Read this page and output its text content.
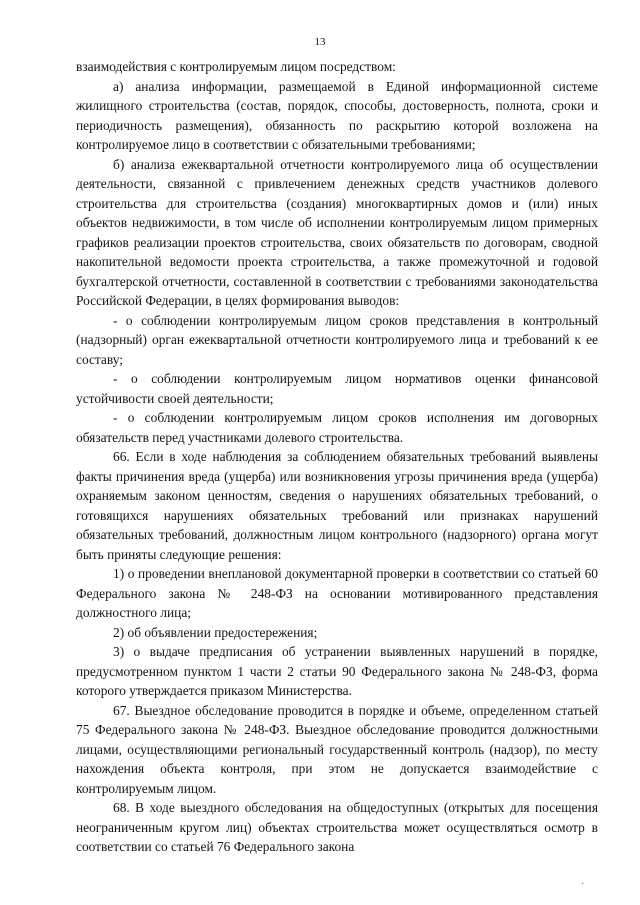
13

взаимодействия с контролируемым лицом посредством:

а) анализа информации, размещаемой в Единой информационной системе жилищного строительства (состав, порядок, способы, достоверность, полнота, сроки и периодичность размещения), обязанность по раскрытию которой возложена на контролируемое лицо в соответствии с обязательными требованиями;

б) анализа ежеквартальной отчетности контролируемого лица об осуществлении деятельности, связанной с привлечением денежных средств участников долевого строительства для строительства (создания) многоквартирных домов и (или) иных объектов недвижимости, в том числе об исполнении контролируемым лицом примерных графиков реализации проектов строительства, своих обязательств по договорам, сводной накопительной ведомости проекта строительства, а также промежуточной и годовой бухгалтерской отчетности, составленной в соответствии с требованиями законодательства Российской Федерации, в целях формирования выводов:

- о соблюдении контролируемым лицом сроков представления в контрольный (надзорный) орган ежеквартальной отчетности контролируемого лица и требований к ее составу;

- о соблюдении контролируемым лицом нормативов оценки финансовой устойчивости своей деятельности;

- о соблюдении контролируемым лицом сроков исполнения им договорных обязательств перед участниками долевого строительства.

66. Если в ходе наблюдения за соблюдением обязательных требований выявлены факты причинения вреда (ущерба) или возникновения угрозы причинения вреда (ущерба) охраняемым законом ценностям, сведения о нарушениях обязательных требований, о готовящихся нарушениях обязательных требований или признаках нарушений обязательных требований, должностным лицом контрольного (надзорного) органа могут быть приняты следующие решения:

1) о проведении внеплановой документарной проверки в соответствии со статьей 60 Федерального закона № 248-ФЗ на основании мотивированного представления должностного лица;

2) об объявлении предостережения;

3) о выдаче предписания об устранении выявленных нарушений в порядке, предусмотренном пунктом 1 части 2 статьи 90 Федерального закона № 248-ФЗ, форма которого утверждается приказом Министерства.

67. Выездное обследование проводится в порядке и объеме, определенном статьей 75 Федерального закона № 248-ФЗ. Выездное обследование проводится должностными лицами, осуществляющими региональный государственный контроль (надзор), по месту нахождения объекта контроля, при этом не допускается взаимодействие с контролируемым лицом.

68. В ходе выездного обследования на общедоступных (открытых для посещения неограниченным кругом лиц) объектах строительства может осуществляться осмотр в соответствии со статьей 76 Федерального закона

.
